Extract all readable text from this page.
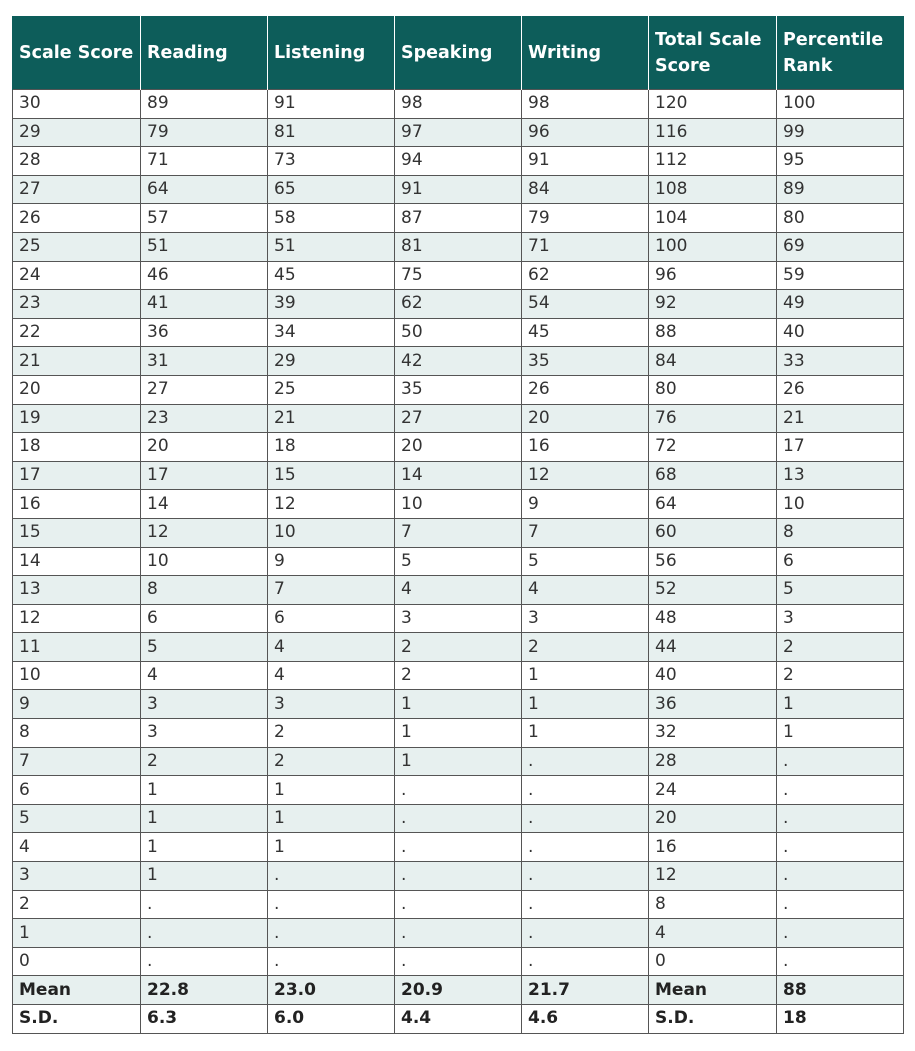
Scale Score	Reading	Listening	Speaking	Writing	Total Scale Score	Percentile Rank
30	89	91	98	98	120	100
29	79	81	97	96	116	99
28	71	73	94	91	112	95
27	64	65	91	84	108	89
26	57	58	87	79	104	80
25	51	51	81	71	100	69
24	46	45	75	62	96	59
23	41	39	62	54	92	49
22	36	34	50	45	88	40
21	31	29	42	35	84	33
20	27	25	35	26	80	26
19	23	21	27	20	76	21
18	20	18	20	16	72	17
17	17	15	14	12	68	13
16	14	12	10	9	64	10
15	12	10	7	7	60	8
14	10	9	5	5	56	6
13	8	7	4	4	52	5
12	6	6	3	3	48	3
11	5	4	2	2	44	2
10	4	4	2	1	40	2
9	3	3	1	1	36	1
8	3	2	1	1	32	1
7	2	2	1	.	28	.
6	1	1	.	.	24	.
5	1	1	.	.	20	.
4	1	1	.	.	16	.
3	1	.	.	.	12	.
2	.	.	.	.	8	.
1	.	.	.	.	4	.
0	.	.	.	.	0	.
Mean	22.8	23.0	20.9	21.7	Mean	88
S.D.	6.3	6.0	4.4	4.6	S.D.	18
